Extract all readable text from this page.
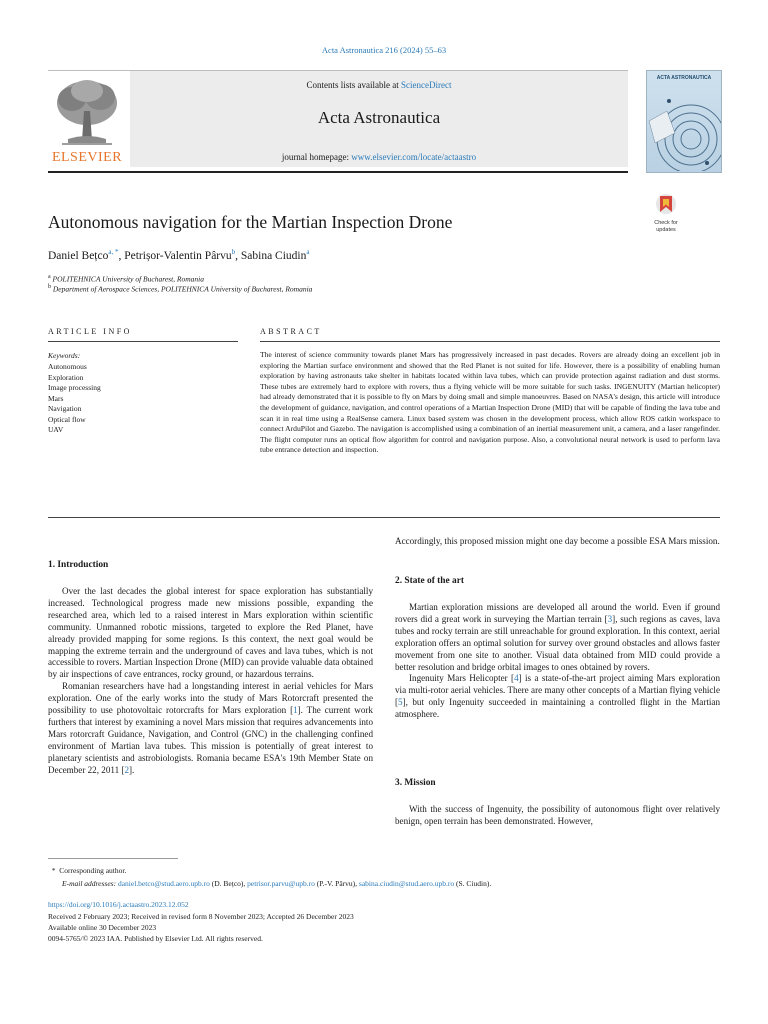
Acta Astronautica 216 (2024) 55–63
ELSEVIER
Contents lists available at ScienceDirect
Acta Astronautica
journal homepage: www.elsevier.com/locate/actaastro
ACTA ASTRONAUTICA
Check for
updates
Autonomous navigation for the Martian Inspection Drone
Daniel Bețco$^{a, *}$, Petrișor-Valentin Pârvu$^b$, Sabina Ciudin$^a$
$^a$ POLITEHNICA University of Bucharest, Romania
$^b$ Department of Aerospace Sciences, POLITEHNICA University of Bucharest, Romania
ARTICLE INFO	ABSTRACT
Keywords:
Autonomous
Exploration
Image processing
Mars
Navigation
Optical flow
UAV
The interest of science community towards planet Mars has progressively increased in past decades. Rovers are already doing an excellent job in exploring the Martian surface environment and showed that the Red Planet is not suited for life. However, there is a possibility of enabling human exploration by having astronauts take shelter in habitats located within lava tubes, which can provide protection against radiation and dust storms. These tubes are extremely hard to explore with rovers, thus a flying vehicle will be more suitable for such tasks. INGENUITY (Martian helicopter) had already demonstrated that it is possible to fly on Mars by doing small and simple manoeuvres. Based on NASA's design, this article will introduce the development of guidance, navigation, and control operations of a Martian Inspection Drone (MID) that will be capable of finding the lava tube and scan it in real time using a RealSense camera. Linux based system was chosen in the development process, which allow ROS catkin workspace to connect ArduPilot and Gazebo. The navigation is accomplished using a combination of an inertial measurement unit, a camera, and a laser rangefinder. The flight computer runs an optical flow algorithm for control and navigation purpose. Also, a convolutional neural network is used to perform lava tube entrance detection and inspection.
1. Introduction

Over the last decades the global interest for space exploration has substantially increased. Technological progress made new missions possible, expanding the researched area, which led to a raised interest in Mars exploration within scientific community. Unmanned robotic missions, targeted to explore the Red Planet, have already provided mapping for some regions. Is this context, the next goal would be mapping the extreme terrain and the underground of caves and lava tubes, which is not accessible to rovers. Martian Inspection Drone (MID) can provide valuable data obtained by air inspections of cave entrances, rocky ground, or hazardous terrains.

Romanian researchers have had a longstanding interest in aerial vehicles for Mars exploration. One of the early works into the study of Mars Rotorcraft presented the possibility to use photovoltaic rotorcrafts for Mars exploration [1]. The current work furthers that interest by examining a novel Mars mission that requires advancements into Mars rotorcraft Guidance, Navigation, and Control (GNC) in the challenging confined environment of Martian lava tubes. This mission is potentially of great interest to planetary scientists and astrobiologists. Romania became ESA's 19th Member State on December 22, 2011 [2].

Accordingly, this proposed mission might one day become a possible ESA Mars mission.

2. State of the art

Martian exploration missions are developed all around the world. Even if ground rovers did a great work in surveying the Martian terrain [3], such regions as caves, lava tubes and rocky terrain are still unreachable for ground exploration. In this context, aerial exploration offers an optimal solution for survey over ground obstacles and allows faster movement from one site to another. Visual data obtained from MID could provide a better resolution and bridge orbital images to ones obtained by rovers.

Ingenuity Mars Helicopter [4] is a state-of-the-art project aiming Mars exploration via multi-rotor aerial vehicles. There are many other concepts of a Martian flying vehicle [5], but only Ingenuity succeeded in maintaining a controlled flight in the Martian atmosphere.

3. Mission

With the success of Ingenuity, the possibility of autonomous flight over relatively benign, open terrain has been demonstrated. However,

* Corresponding author.
E-mail addresses: daniel.betco@stud.aero.upb.ro (D. Bețco), petrisor.parvu@upb.ro (P.-V. Pârvu), sabina.ciudin@stud.aero.upb.ro (S. Ciudin).
https://doi.org/10.1016/j.actaastro.2023.12.052
Received 2 February 2023; Received in revised form 8 November 2023; Accepted 26 December 2023
Available online 30 December 2023
0094-5765/© 2023 IAA. Published by Elsevier Ltd. All rights reserved.
